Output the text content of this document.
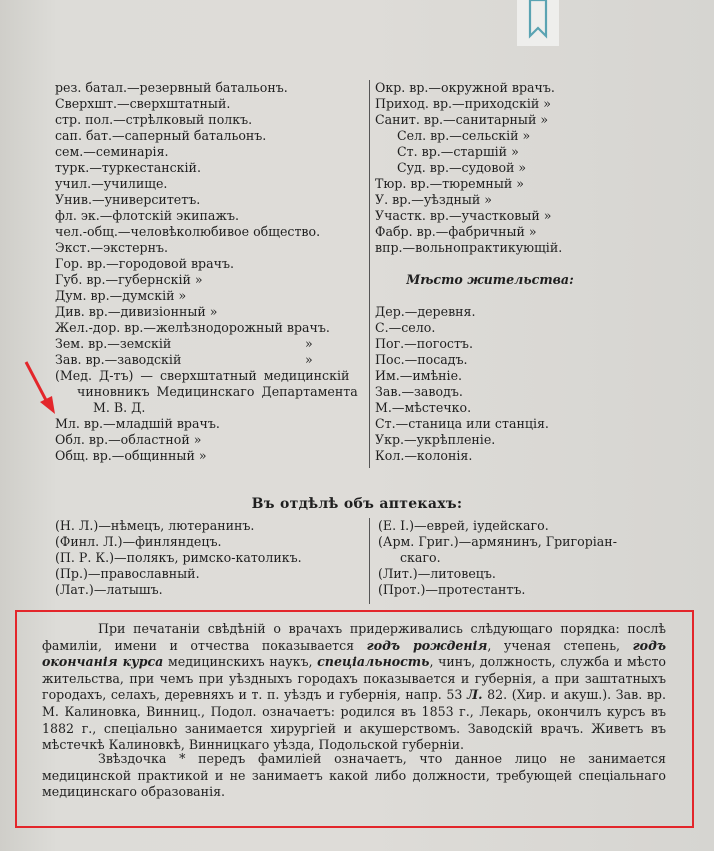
рез. батал.—резервный батальонъ.
Сверхшт.—сверхштатный.
стр. пол.—стрѣлковый полкъ.
сап. бат.—саперный батальонъ.
сем.—семинарія.
турк.—туркестанскій.
учил.—училище.
Унив.—университетъ.
фл. эк.—флотскій экипажъ.
чел.-общ.—человѣколюбивое общество.
Экст.—экстернъ.
Гор. вр.—городовой врачъ.
Губ. вр.—губернскій »
Дум. вр.—думскій »
Див. вр.—дивизіонный »
Жел.-дор. вр.—желѣзнодорожный врачъ.
Зем. вр.—земскій	»
Зав. вр.—заводскій	»
(Мед. Д-тъ) — сверхштатный медицинскій
чиновникъ Медицинскаго Департамента
М. В. Д.
Мл. вр.—младшій врачъ.
Обл. вр.—областной »
Общ. вр.—общинный »
Окр. вр.—окружной врачъ.
Приход. вр.—приходскій »
Санит. вр.—санитарный »
Сел. вр.—сельскій »
Ст. вр.—старшій »
Суд. вр.—судовой »
Тюр. вр.—тюремный »
У. вр.—уѣздный »
Участк. вр.—участковый »
Фабр. вр.—фабричный »
впр.—вольнопрактикующій.
Мѣсто жительства:
Дер.—деревня.
С.—село.
Пог.—погостъ.
Пос.—посадъ.
Им.—имѣніе.
Зав.—заводъ.
М.—мѣстечко.
Ст.—станица или станція.
Укр.—укрѣпленіе.
Кол.—колонія.
Въ отдѣлѣ объ аптекахъ:
(Н. Л.)—нѣмецъ, лютеранинъ.
(Финл. Л.)—финляндецъ.
(П. Р. К.)—полякъ, римско-католикъ.
(Пр.)—православный.
(Лат.)—латышъ.
(Е. I.)—еврей, іудейскаго.
(Арм. Григ.)—армянинъ, Григоріан-
скаго.
(Лит.)—литовецъ.
(Прот.)—протестантъ.
При печатаніи свѣдѣній о врачахъ придерживались слѣдующаго порядка: послѣ фамиліи, имени и отчества показывается годъ рожденія, ученая степень, годъ окончанія курса медицинскихъ наукъ, спеціальность, чинъ, должность, служба и мѣсто жительства, при чемъ при уѣздныхъ городахъ показывается и губернія, а при заштатныхъ городахъ, селахъ, деревняхъ и т. п. уѣздъ и губернія, напр. 53 Л. 82. (Хир. и акуш.). Зав. вр. М. Калиновка, Винниц., Подол. означаетъ: родился въ 1853 г., Лекарь, окончилъ курсъ въ 1882 г., спеціально занимается хирургіей и акушерствомъ. Заводскій врачъ. Живетъ въ мѣстечкѣ Калиновкѣ, Винницкаго уѣзда, Подольской губерніи.
Звѣздочка * передъ фамиліей означаетъ, что данное лицо не занимается медицинской практикой и не занимаетъ какой либо должности, требующей спеціальнаго медицинскаго образованія.
